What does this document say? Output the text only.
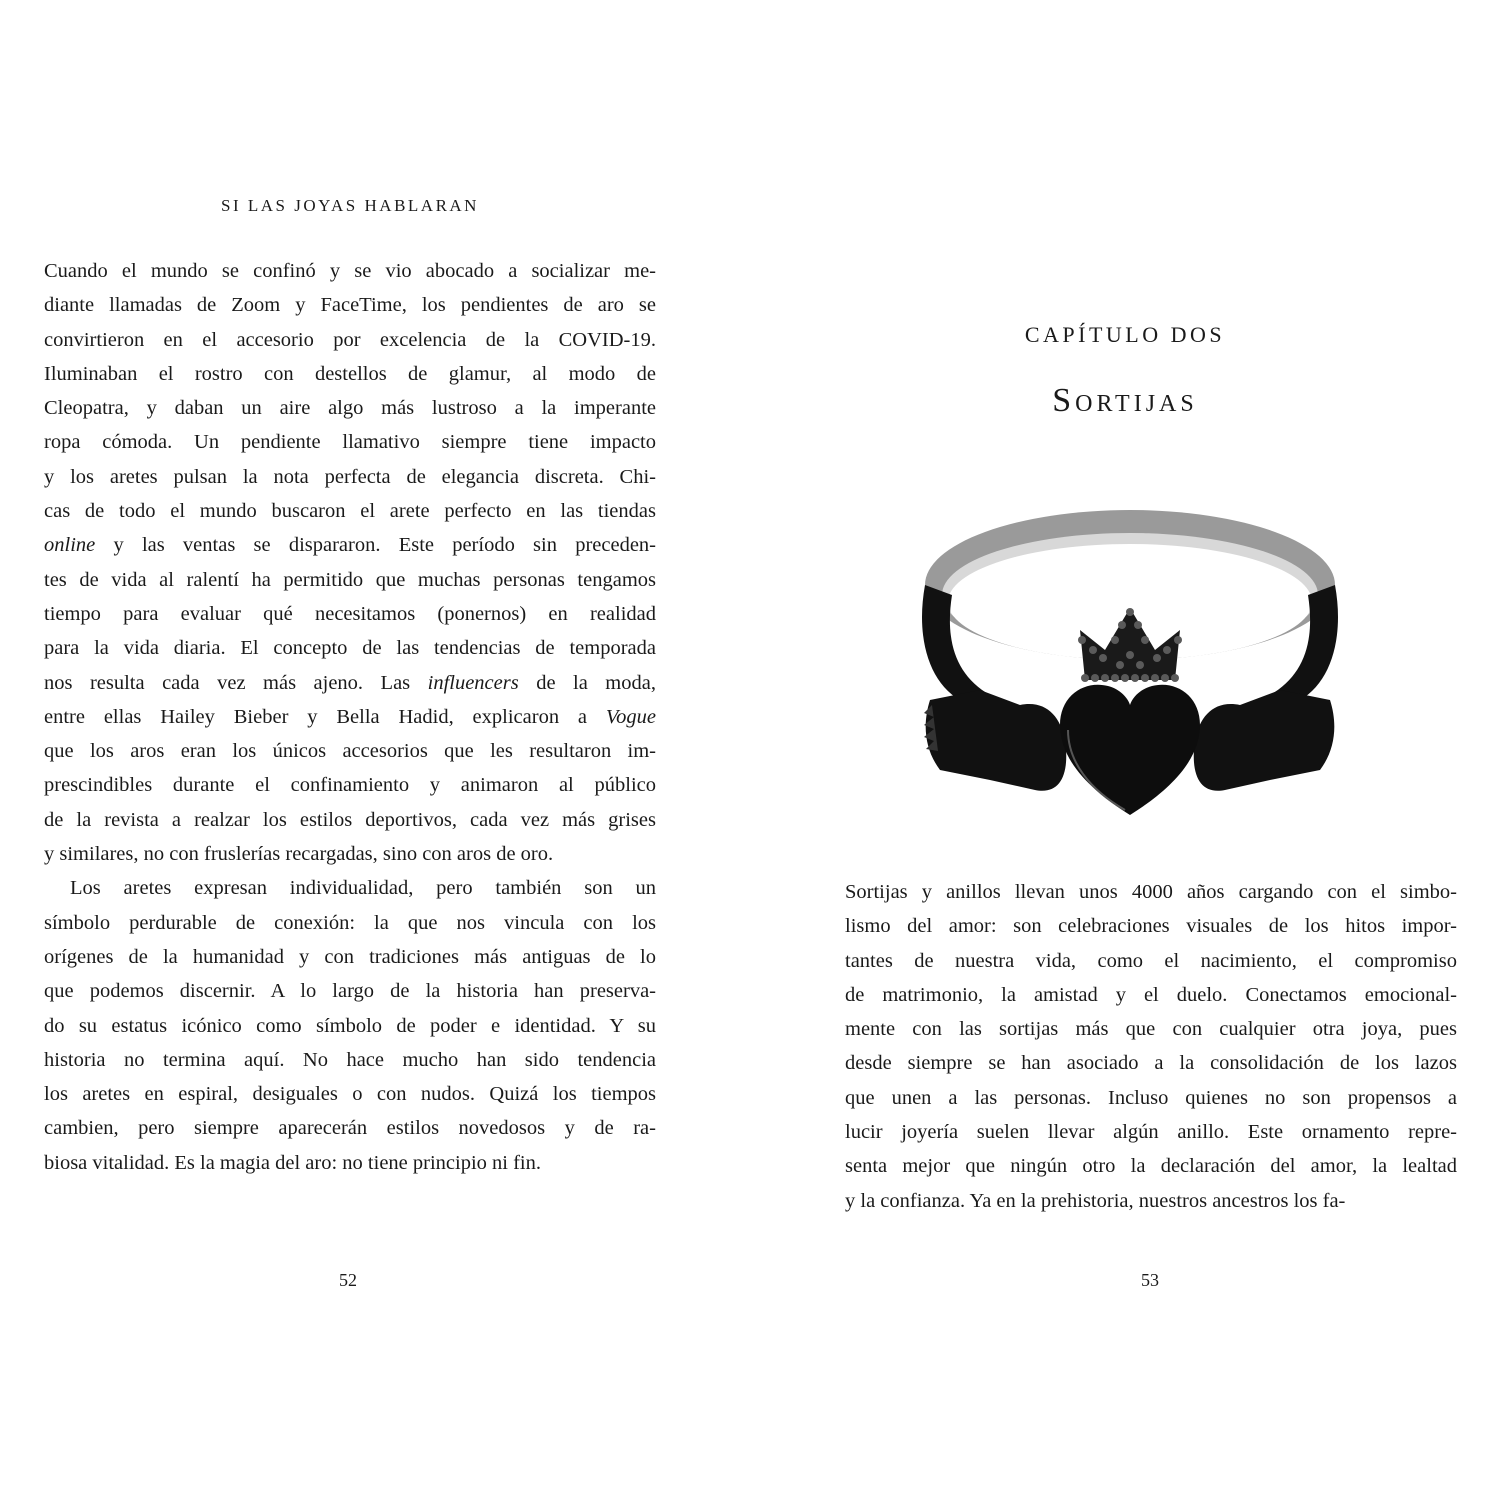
SI LAS JOYAS HABLARAN
Cuando el mundo se confinó y se vio abocado a socializar me-
diante llamadas de Zoom y FaceTime, los pendientes de aro se
convirtieron en el accesorio por excelencia de la COVID-19.
Iluminaban el rostro con destellos de glamur, al modo de
Cleopatra, y daban un aire algo más lustroso a la imperante
ropa cómoda. Un pendiente llamativo siempre tiene impacto
y los aretes pulsan la nota perfecta de elegancia discreta. Chi-
cas de todo el mundo buscaron el arete perfecto en las tiendas
online y las ventas se dispararon. Este período sin preceden-
tes de vida al ralentí ha permitido que muchas personas tengamos
tiempo para evaluar qué necesitamos (ponernos) en realidad
para la vida diaria. El concepto de las tendencias de temporada
nos resulta cada vez más ajeno. Las influencers de la moda,
entre ellas Hailey Bieber y Bella Hadid, explicaron a Vogue
que los aros eran los únicos accesorios que les resultaron im-
prescindibles durante el confinamiento y animaron al público
de la revista a realzar los estilos deportivos, cada vez más grises
y similares, no con fruslerías recargadas, sino con aros de oro.
Los aretes expresan individualidad, pero también son un
símbolo perdurable de conexión: la que nos vincula con los
orígenes de la humanidad y con tradiciones más antiguas de lo
que podemos discernir. A lo largo de la historia han preserva-
do su estatus icónico como símbolo de poder e identidad. Y su
historia no termina aquí. No hace mucho han sido tendencia
los aretes en espiral, desiguales o con nudos. Quizá los tiempos
cambien, pero siempre aparecerán estilos novedosos y de ra-
biosa vitalidad. Es la magia del aro: no tiene principio ni fin.
52
CAPÍTULO DOS
Sortijas
Sortijas y anillos llevan unos 4000 años cargando con el simbo-
lismo del amor: son celebraciones visuales de los hitos impor-
tantes de nuestra vida, como el nacimiento, el compromiso
de matrimonio, la amistad y el duelo. Conectamos emocional-
mente con las sortijas más que con cualquier otra joya, pues
desde siempre se han asociado a la consolidación de los lazos
que unen a las personas. Incluso quienes no son propensos a
lucir joyería suelen llevar algún anillo. Este ornamento repre-
senta mejor que ningún otro la declaración del amor, la lealtad
y la confianza. Ya en la prehistoria, nuestros ancestros los fa-
53
